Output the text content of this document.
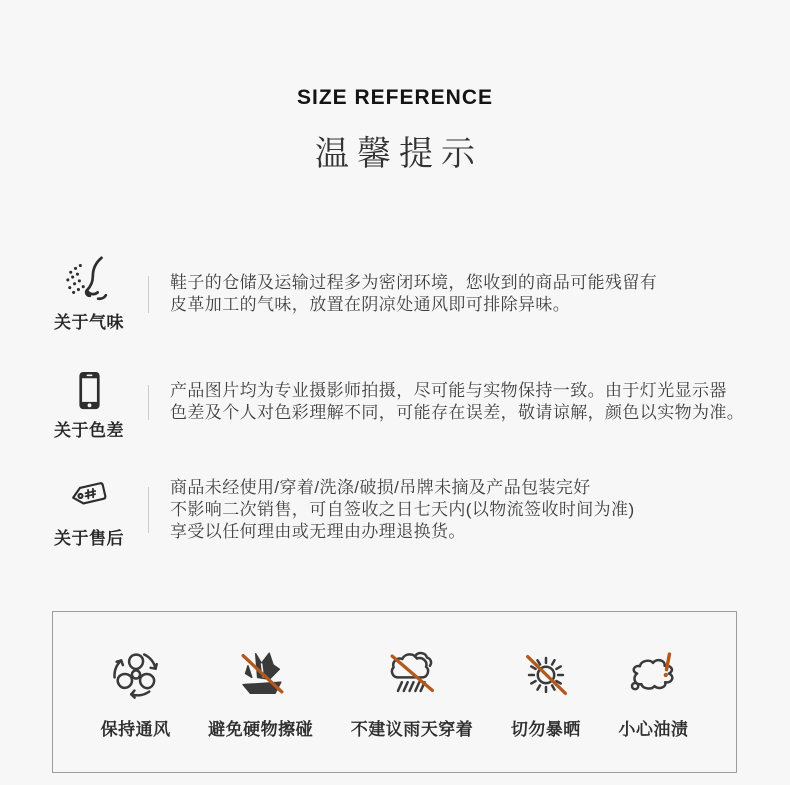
SIZE REFERENCE
温馨提示
关于气味
鞋子的仓储及运输过程多为密闭环境，您收到的商品可能残留有
皮革加工的气味，放置在阴凉处通风即可排除异味。
关于色差
产品图片均为专业摄影师拍摄，尽可能与实物保持一致。由于灯光显示器
色差及个人对色彩理解不同，可能存在误差，敬请谅解，颜色以实物为准。
关于售后
商品未经使用/穿着/洗涤/破损/吊牌未摘及产品包装完好
不影响二次销售，可自签收之日七天内(以物流签收时间为准)
享受以任何理由或无理由办理退换货。
保持通风 避免硬物擦碰 不建议雨天穿着 切勿暴晒 小心油渍
